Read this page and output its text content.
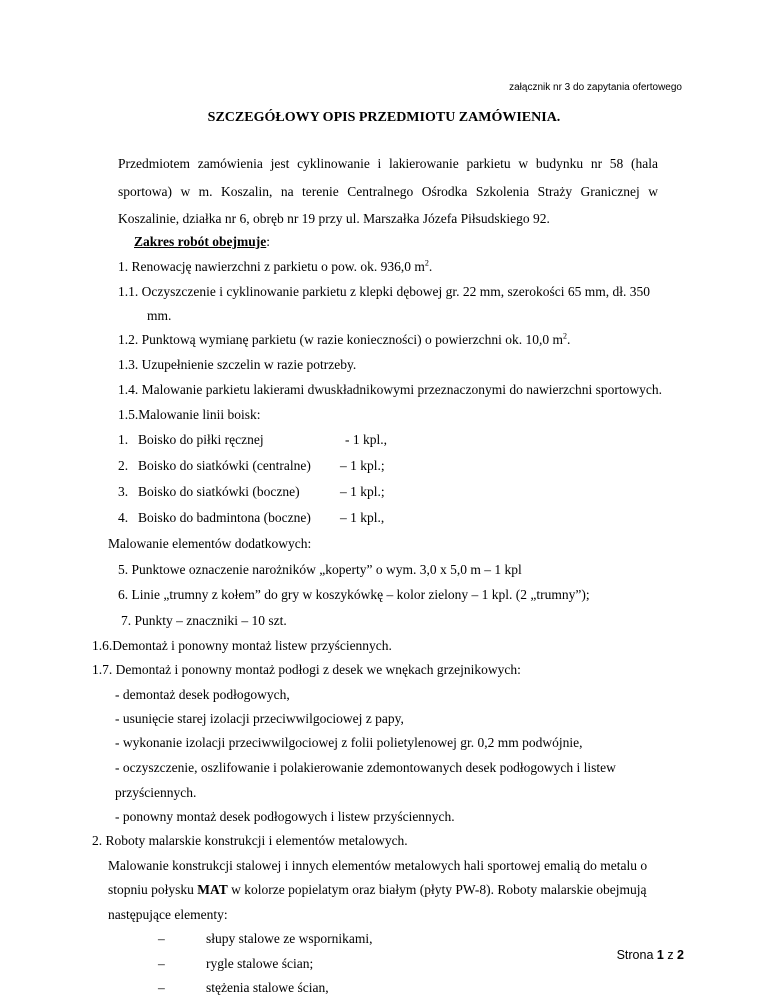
załącznik nr 3 do zapytania ofertowego
SZCZEGÓŁOWY OPIS PRZEDMIOTU ZAMÓWIENIA.
Przedmiotem zamówienia jest cyklinowanie i lakierowanie parkietu w budynku nr 58 (hala sportowa) w m. Koszalin, na terenie Centralnego Ośrodka Szkolenia Straży Granicznej w Koszalinie, działka nr 6, obręb nr 19 przy ul. Marszałka Józefa Piłsudskiego 92.
Zakres robót obejmuje:
1. Renowację nawierzchni z parkietu o pow. ok. 936,0 $m^2$.
1.1. Oczyszczenie i cyklinowanie parkietu z klepki dębowej gr. 22 mm, szerokości 65 mm, dł. 350
mm.
1.2. Punktową wymianę parkietu (w razie konieczności) o powierzchni ok. 10,0 $m^2$.
1.3. Uzupełnienie szczelin w razie potrzeby.
1.4. Malowanie parkietu lakierami dwuskładnikowymi przeznaczonymi do nawierzchni sportowych.
1.5.Malowanie linii boisk:
1. Boisko do piłki ręcznej	- 1 kpl.,
2. Boisko do siatkówki (centralne) – 1 kpl.;
3. Boisko do siatkówki (boczne)	– 1 kpl.;
4. Boisko do badmintona (boczne) – 1 kpl.,
Malowanie elementów dodatkowych:
5. Punktowe oznaczenie narożników „koperty” o wym. 3,0 x 5,0 m – 1 kpl
6. Linie „trumny z kołem” do gry w koszykówkę – kolor zielony – 1 kpl. (2 „trumny”);
7. Punkty – znaczniki – 10 szt.
1.6.Demontaż i ponowny montaż listew przyściennych.
1.7. Demontaż i ponowny montaż podłogi z desek we wnękach grzejnikowych:
- demontaż desek podłogowych,
- usunięcie starej izolacji przeciwwilgociowej z papy,
- wykonanie izolacji przeciwwilgociowej z folii polietylenowej gr. 0,2 mm podwójnie,
- oczyszczenie, oszlifowanie i polakierowanie zdemontowanych desek podłogowych i listew
przyściennych.
- ponowny montaż desek podłogowych i listew przyściennych.
2. Roboty malarskie konstrukcji i elementów metalowych.
Malowanie konstrukcji stalowej i innych elementów metalowych hali sportowej emalią do metalu o
stopniu połysku MAT w kolorze popielatym oraz białym (płyty PW-8). Roboty malarskie obejmują
następujące elementy:
–	słupy stalowe ze wspornikami,
–	rygle stalowe ścian;
–	stężenia stalowe ścian,
Strona 1 z 2
